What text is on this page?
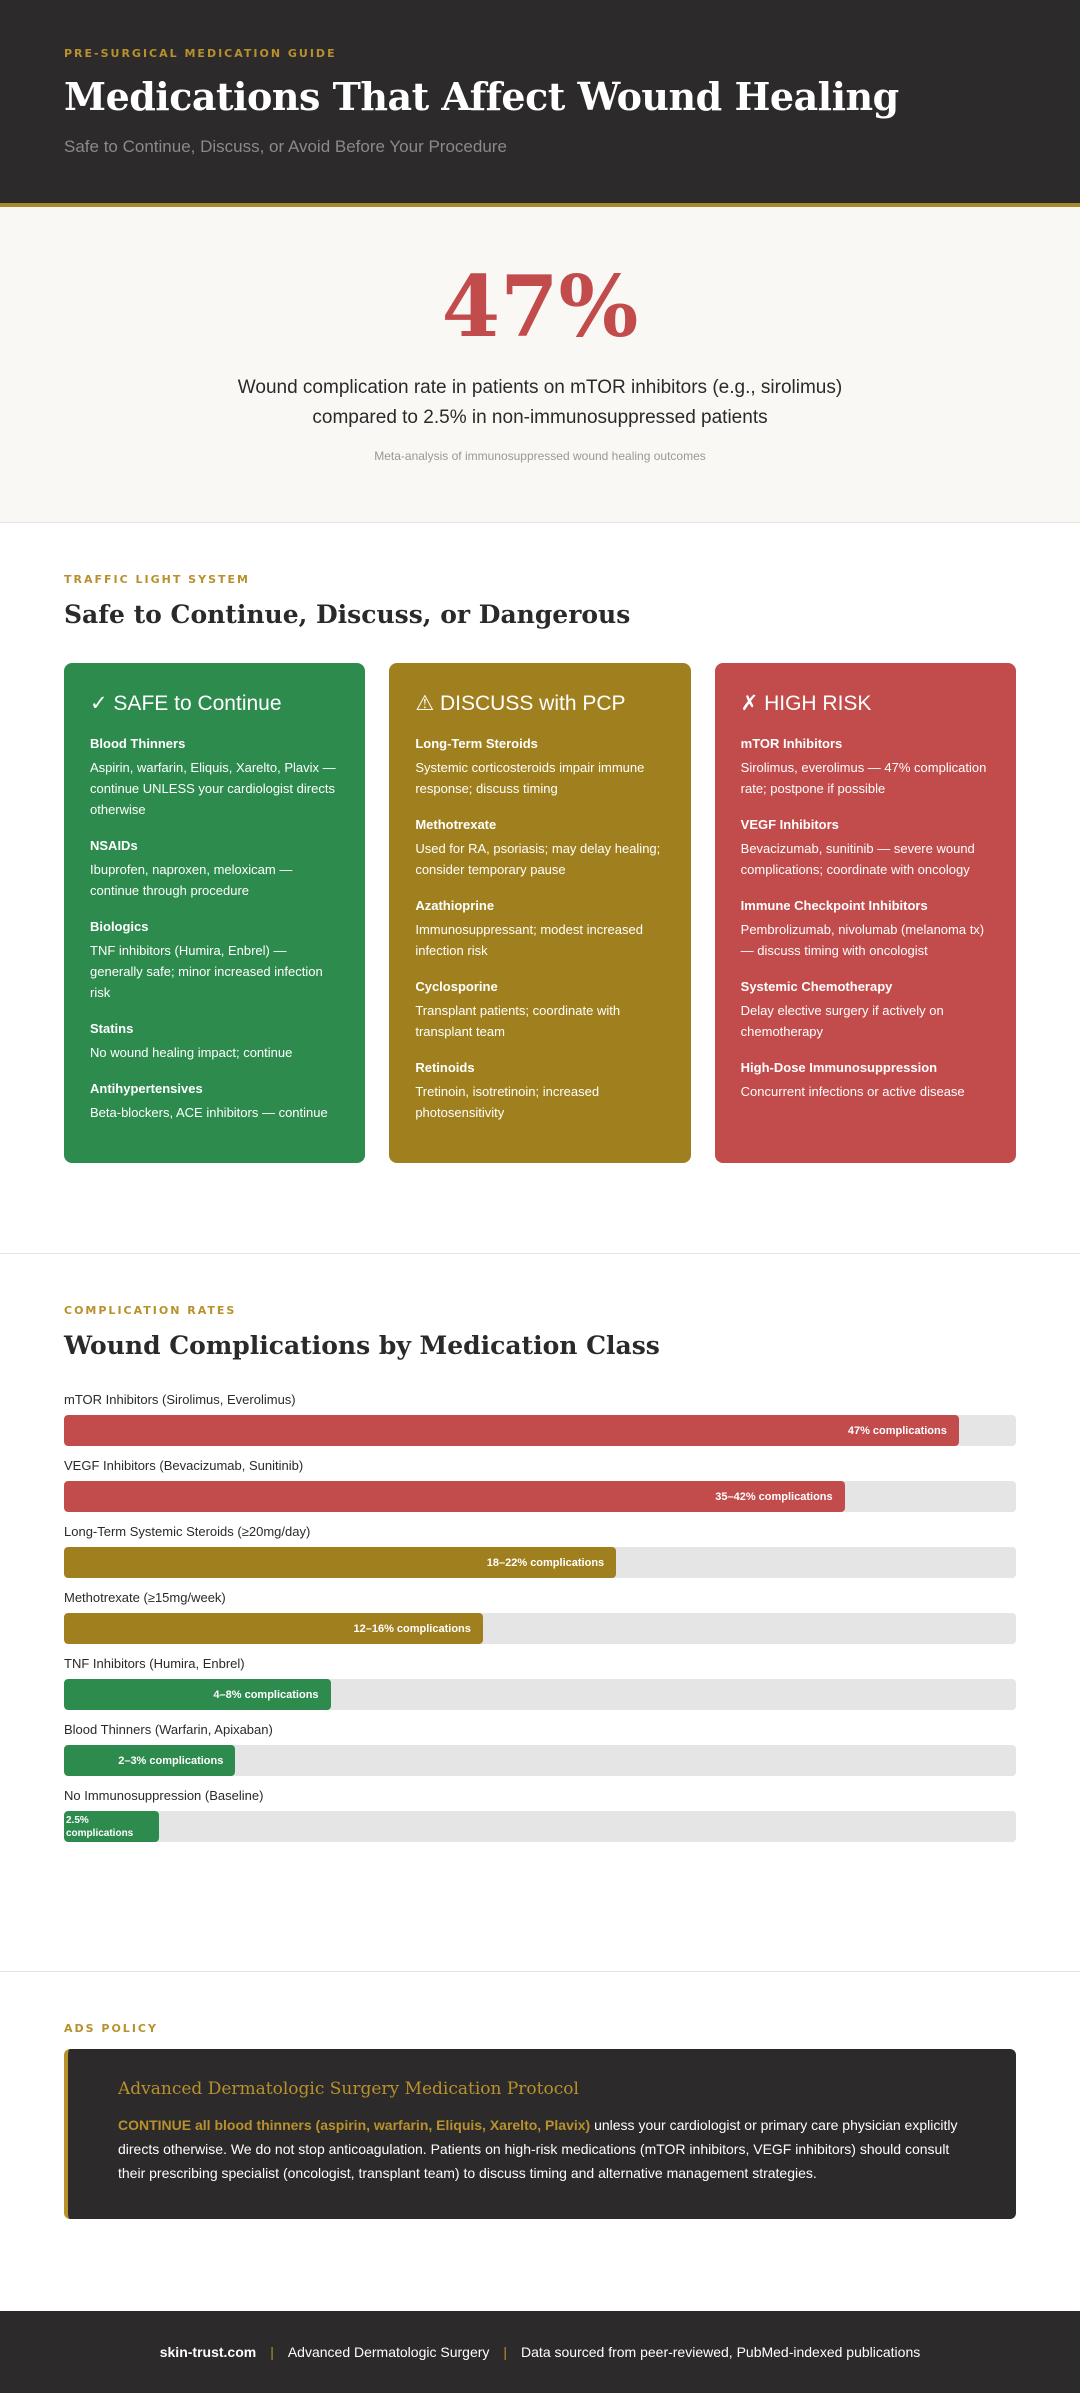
PRE-SURGICAL MEDICATION GUIDE
Medications That Affect Wound Healing
Safe to Continue, Discuss, or Avoid Before Your Procedure
47%
Wound complication rate in patients on mTOR inhibitors (e.g., sirolimus)
compared to 2.5% in non-immunosuppressed patients
Meta-analysis of immunosuppressed wound healing outcomes
TRAFFIC LIGHT SYSTEM
Safe to Continue, Discuss, or Dangerous
✓ SAFE to Continue
Blood Thinners
Aspirin, warfarin, Eliquis, Xarelto, Plavix — continue UNLESS your cardiologist directs otherwise
NSAIDs
Ibuprofen, naproxen, meloxicam — continue through procedure
Biologics
TNF inhibitors (Humira, Enbrel) — generally safe; minor increased infection risk
Statins
No wound healing impact; continue
Antihypertensives
Beta-blockers, ACE inhibitors — continue
⚠ DISCUSS with PCP
Long-Term Steroids
Systemic corticosteroids impair immune response; discuss timing
Methotrexate
Used for RA, psoriasis; may delay healing; consider temporary pause
Azathioprine
Immunosuppressant; modest increased infection risk
Cyclosporine
Transplant patients; coordinate with transplant team
Retinoids
Tretinoin, isotretinoin; increased photosensitivity
✗ HIGH RISK
mTOR Inhibitors
Sirolimus, everolimus — 47% complication rate; postpone if possible
VEGF Inhibitors
Bevacizumab, sunitinib — severe wound complications; coordinate with oncology
Immune Checkpoint Inhibitors
Pembrolizumab, nivolumab (melanoma tx) — discuss timing with oncologist
Systemic Chemotherapy
Delay elective surgery if actively on chemotherapy
High-Dose Immunosuppression
Concurrent infections or active disease
COMPLICATION RATES
Wound Complications by Medication Class
mTOR Inhibitors (Sirolimus, Everolimus)
47% complications
VEGF Inhibitors (Bevacizumab, Sunitinib)
35–42% complications
Long-Term Systemic Steroids (≥20mg/day)
18–22% complications
Methotrexate (≥15mg/week)
12–16% complications
TNF Inhibitors (Humira, Enbrel)
4–8% complications
Blood Thinners (Warfarin, Apixaban)
2–3% complications
No Immunosuppression (Baseline)
2.5% complications
ADS POLICY
Advanced Dermatologic Surgery Medication Protocol

CONTINUE all blood thinners (aspirin, warfarin, Eliquis, Xarelto, Plavix) unless your cardiologist or primary care physician explicitly directs otherwise. We do not stop anticoagulation. Patients on high-risk medications (mTOR inhibitors, VEGF inhibitors) should consult their prescribing specialist (oncologist, transplant team) to discuss timing and alternative management strategies.

skin-trust.com | Advanced Dermatologic Surgery | Data sourced from peer-reviewed, PubMed-indexed publications
